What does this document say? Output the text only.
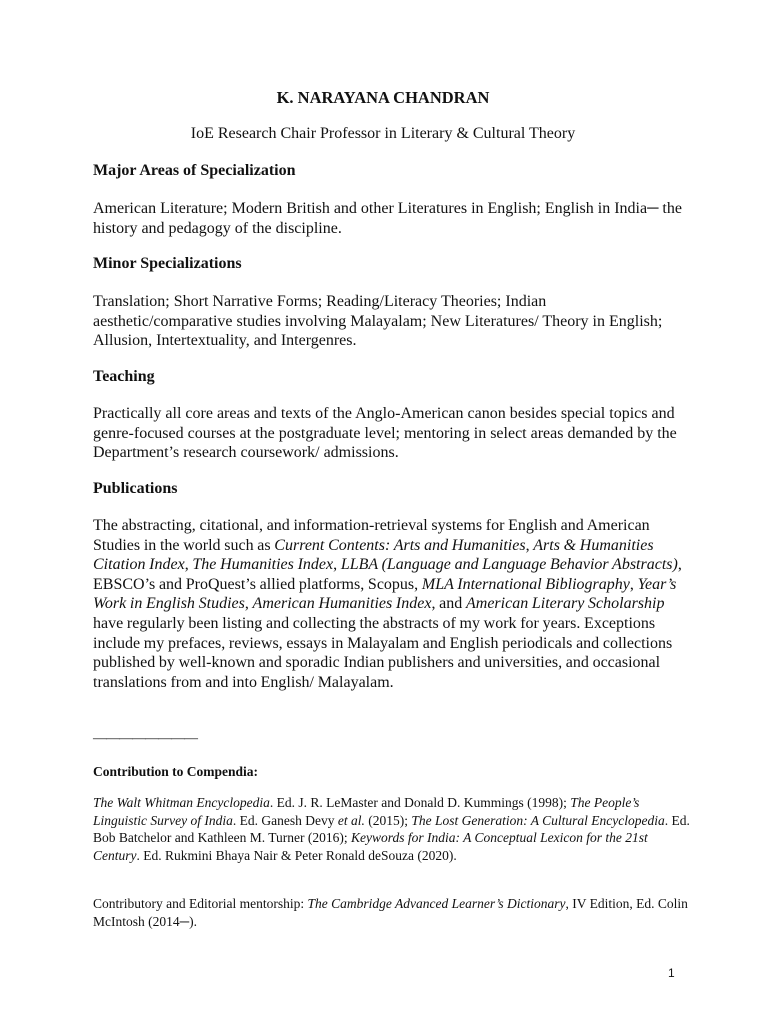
K. NARAYANA CHANDRAN
IoE Research Chair Professor in Literary & Cultural Theory
Major Areas of Specialization
American Literature; Modern British and other Literatures in English; English in India─ the history and pedagogy of the discipline.
Minor Specializations
Translation; Short Narrative Forms; Reading/Literacy Theories; Indian aesthetic/comparative studies involving Malayalam; New Literatures/ Theory in English; Allusion, Intertextuality, and Intergenres.
Teaching
Practically all core areas and texts of the Anglo-American canon besides special topics and genre-focused courses at the postgraduate level; mentoring in select areas demanded by the Department’s research coursework/ admissions.
Publications
The abstracting, citational, and information-retrieval systems for English and American Studies in the world such as Current Contents: Arts and Humanities, Arts & Humanities Citation Index, The Humanities Index, LLBA (Language and Language Behavior Abstracts), EBSCO’s and ProQuest’s allied platforms, Scopus, MLA International Bibliography, Year’s Work in English Studies, American Humanities Index, and American Literary Scholarship have regularly been listing and collecting the abstracts of my work for years. Exceptions include my prefaces, reviews, essays in Malayalam and English periodicals and collections published by well-known and sporadic Indian publishers and universities, and occasional translations from and into English/ Malayalam.
————————
Contribution to Compendia:
The Walt Whitman Encyclopedia. Ed. J. R. LeMaster and Donald D. Kummings (1998); The People’s Linguistic Survey of India. Ed. Ganesh Devy et al. (2015); The Lost Generation: A Cultural Encyclopedia. Ed. Bob Batchelor and Kathleen M. Turner (2016); Keywords for India: A Conceptual Lexicon for the 21st Century. Ed. Rukmini Bhaya Nair & Peter Ronald deSouza (2020).
Contributory and Editorial mentorship: The Cambridge Advanced Learner’s Dictionary, IV Edition, Ed. Colin McIntosh (2014─).
1
